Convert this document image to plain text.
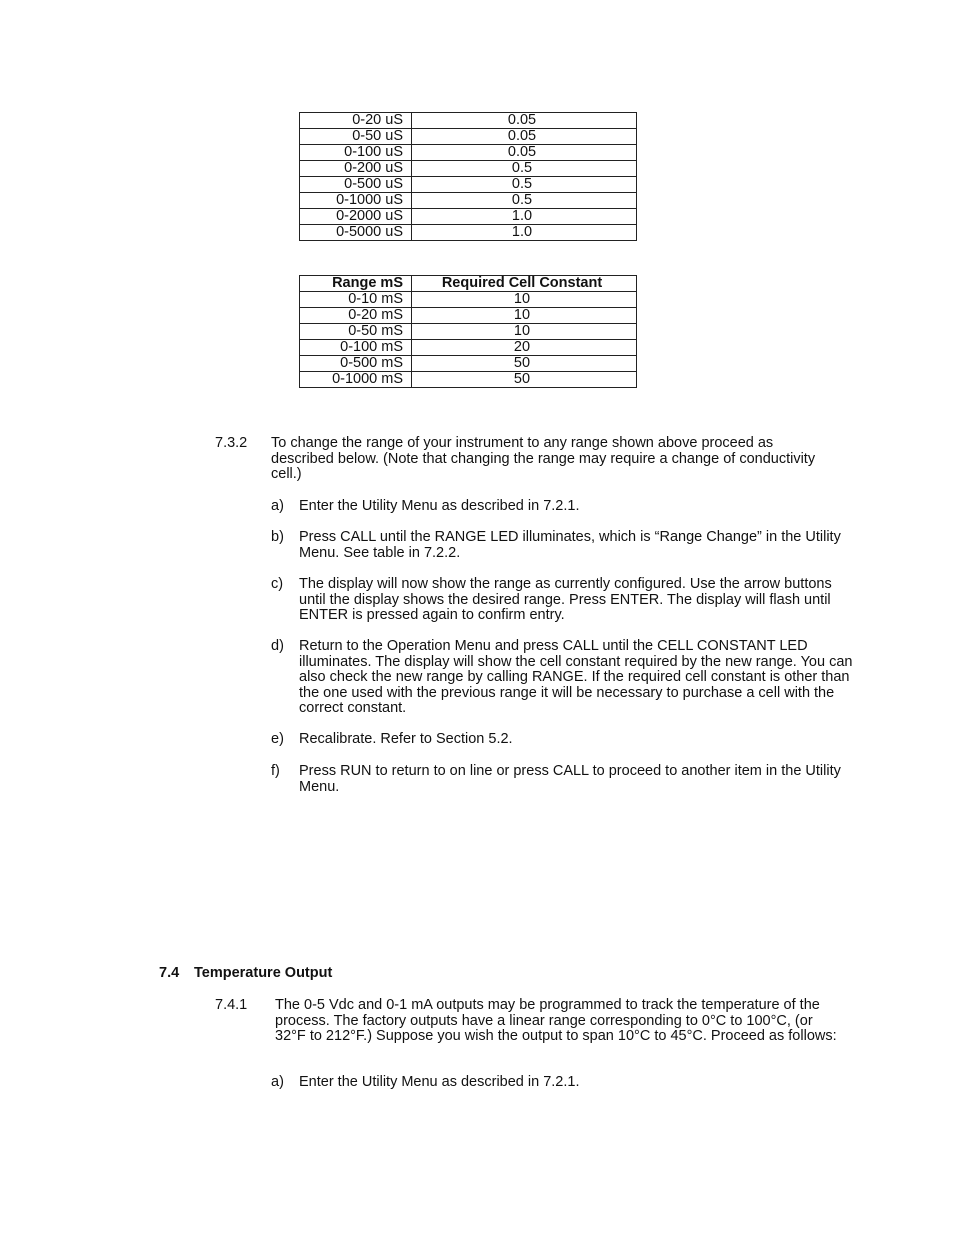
0-20 uS	0.05
0-50 uS	0.05
0-100 uS	0.05
0-200 uS	0.5
0-500 uS	0.5
0-1000 uS	0.5
0-2000 uS	1.0
0-5000 uS	1.0
Range mS	Required Cell Constant
0-10 mS	10
0-20 mS	10
0-50 mS	10
0-100 mS	20
0-500 mS	50
0-1000 mS	50
7.3.2 To change the range of your instrument to any range shown above proceed as described below. (Note that changing the range may require a change of conductivity cell.)
a) Enter the Utility Menu as described in 7.2.1.
b) Press CALL until the RANGE LED illuminates, which is “Range Change” in the Utility Menu. See table in 7.2.2.
c) The display will now show the range as currently configured. Use the arrow buttons until the display shows the desired range. Press ENTER. The display will flash until ENTER is pressed again to confirm entry.
d) Return to the Operation Menu and press CALL until the CELL CONSTANT LED illuminates. The display will show the cell constant required by the new range. You can also check the new range by calling RANGE. If the required cell constant is other than the one used with the previous range it will be necessary to purchase a cell with the correct constant.
e) Recalibrate. Refer to Section 5.2.
f) Press RUN to return to on line or press CALL to proceed to another item in the Utility Menu.
7.4 Temperature Output
7.4.1 The 0-5 Vdc and 0-1 mA outputs may be programmed to track the temperature of the process. The factory outputs have a linear range corresponding to 0°C to 100°C, (or 32°F to 212°F.) Suppose you wish the output to span 10°C to 45°C. Proceed as follows:
a) Enter the Utility Menu as described in 7.2.1.
